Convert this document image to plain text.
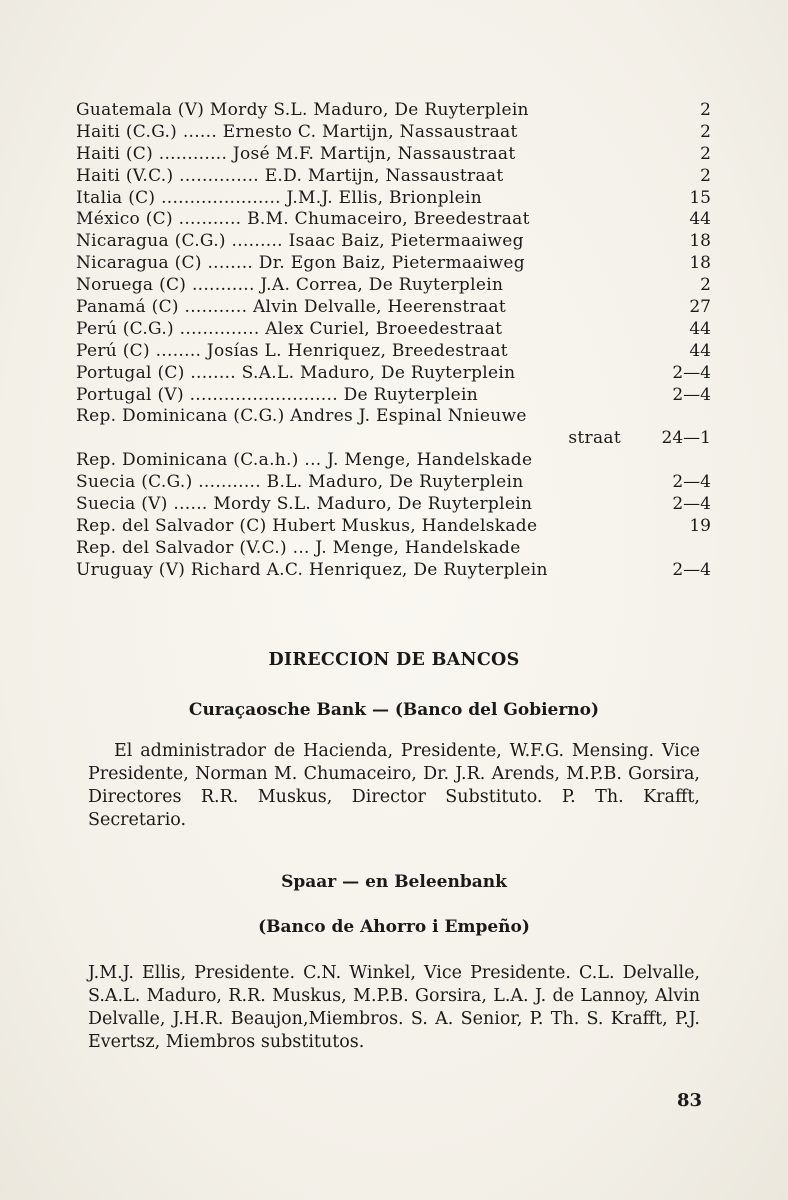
Guatemala (V) Mordy S.L. Maduro, De Ruyterplein	2
Haiti (C.G.) ...... Ernesto C. Martijn, Nassaustraat	2
Haiti (C) ............ José M.F. Martijn, Nassaustraat	2
Haiti (V.C.) .............. E.D. Martijn, Nassaustraat	2
Italia (C) ..................... J.M.J. Ellis, Brionplein	15
México (C) ........... B.M. Chumaceiro, Breedestraat	44
Nicaragua (C.G.) ......... Isaac Baiz, Pietermaaiweg	18
Nicaragua (C) ........ Dr. Egon Baiz, Pietermaaiweg	18
Noruega (C) ........... J.A. Correa, De Ruyterplein	2
Panamá (C) ........... Alvin Delvalle, Heerenstraat	27
Perú (C.G.) .............. Alex Curiel, Broeedestraat	44
Perú (C) ........ Josías L. Henriquez, Breedestraat	44
Portugal (C) ........ S.A.L. Maduro, De Ruyterplein	2—4
Portugal (V) .......................... De Ruyterplein	2—4
Rep. Dominicana (C.G.) Andres J. Espinal Nnieuwe
straat	24—1
Rep. Dominicana (C.a.h.) ... J. Menge, Handelskade
Suecia (C.G.) ........... B.L. Maduro, De Ruyterplein	2—4
Suecia (V) ...... Mordy S.L. Maduro, De Ruyterplein	2—4
Rep. del Salvador (C) Hubert Muskus, Handelskade	19
Rep. del Salvador (V.C.) ... J. Menge, Handelskade
Uruguay (V) Richard A.C. Henriquez, De Ruyterplein	2—4
DIRECCION DE BANCOS
Curaçaosche Bank — (Banco del Gobierno)

El administrador de Hacienda, Presidente, W.F.G. Mensing. Vice Presidente, Norman M. Chumaceiro, Dr. J.R. Arends, M.P.B. Gorsira, Directores R.R. Muskus, Director Substituto. P. Th. Krafft, Secretario.

Spaar — en Beleenbank
(Banco de Ahorro i Empeño)

J.M.J. Ellis, Presidente. C.N. Winkel, Vice Presidente. C.L. Delvalle, S.A.L. Maduro, R.R. Muskus, M.P.B. Gorsira, L.A. J. de Lannoy, Alvin Delvalle, J.H.R. Beaujon,Miembros. S. A. Senior, P. Th. S. Krafft, P.J. Evertsz, Miembros substitutos.

83
